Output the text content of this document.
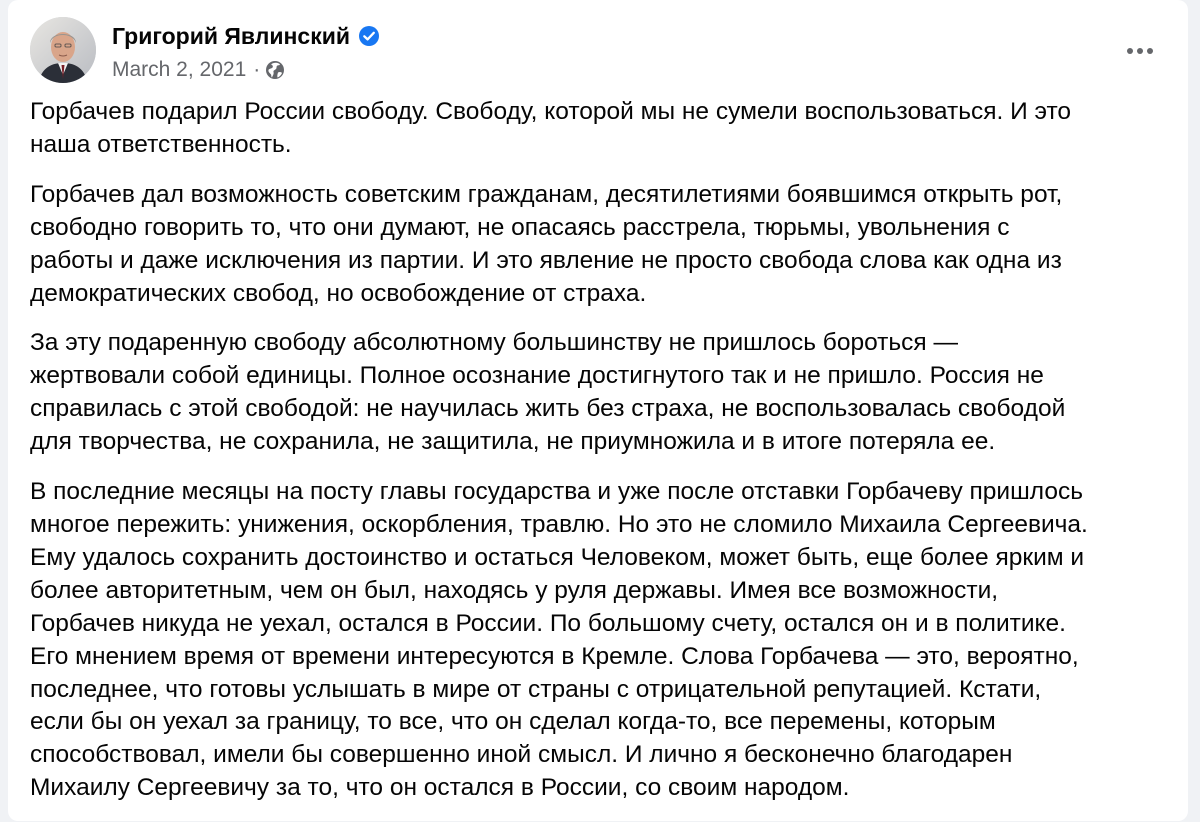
Григорий Явлинский
March 2, 2021 ·

Горбачев подарил России свободу. Свободу, которой мы не сумели воспользоваться. И это
наша ответственность.

Горбачев дал возможность советским гражданам, десятилетиями боявшимся открыть рот,
свободно говорить то, что они думают, не опасаясь расстрела, тюрьмы, увольнения с
работы и даже исключения из партии. И это явление не просто свобода слова как одна из
демократических свобод, но освобождение от страха.

За эту подаренную свободу абсолютному большинству не пришлось бороться —
жертвовали собой единицы. Полное осознание достигнутого так и не пришло. Россия не
справилась с этой свободой: не научилась жить без страха, не воспользовалась свободой
для творчества, не сохранила, не защитила, не приумножила и в итоге потеряла ее.

В последние месяцы на посту главы государства и уже после отставки Горбачеву пришлось
многое пережить: унижения, оскорбления, травлю. Но это не сломило Михаила Сергеевича.
Ему удалось сохранить достоинство и остаться Человеком, может быть, еще более ярким и
более авторитетным, чем он был, находясь у руля державы. Имея все возможности,
Горбачев никуда не уехал, остался в России. По большому счету, остался он и в политике.
Его мнением время от времени интересуются в Кремле. Слова Горбачева — это, вероятно,
последнее, что готовы услышать в мире от страны с отрицательной репутацией. Кстати,
если бы он уехал за границу, то все, что он сделал когда-то, все перемены, которым
способствовал, имели бы совершенно иной смысл. И лично я бесконечно благодарен
Михаилу Сергеевичу за то, что он остался в России, со своим народом.
